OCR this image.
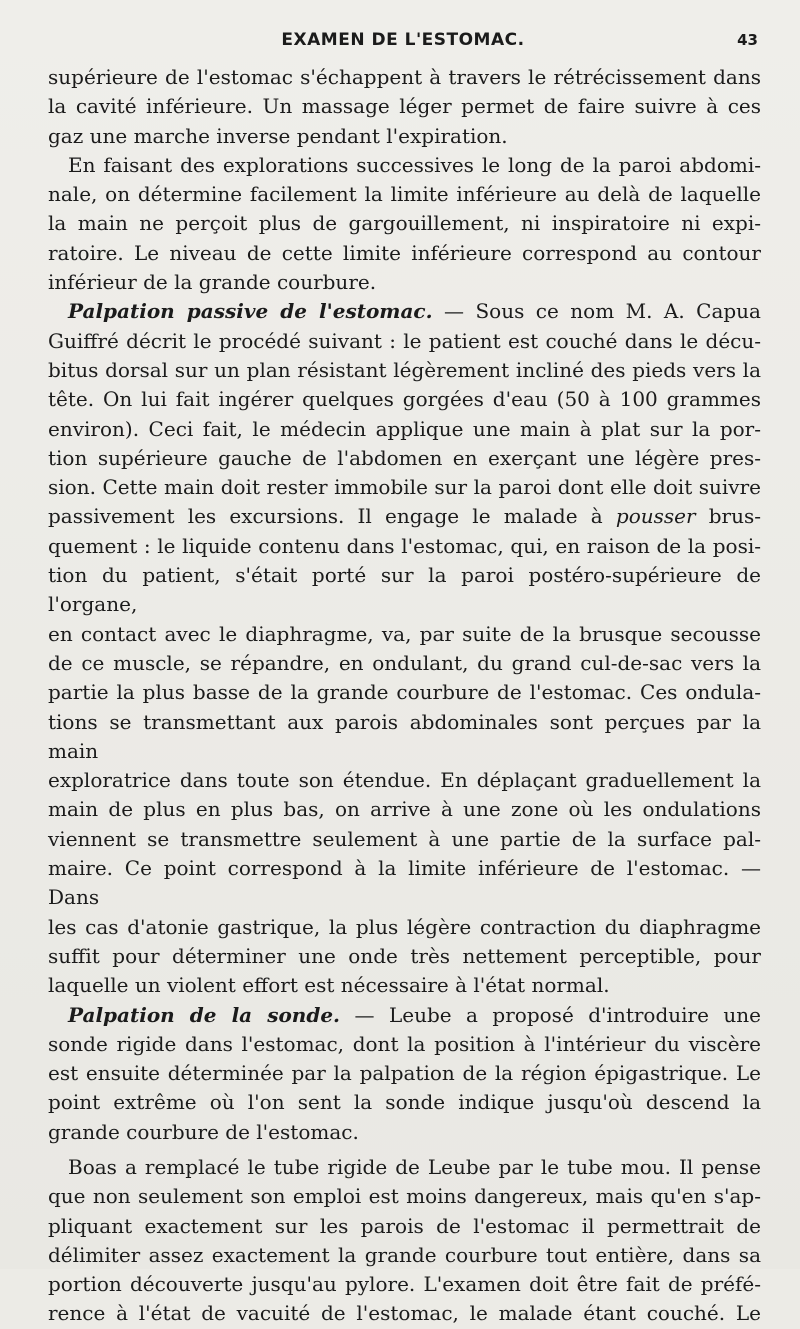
EXAMEN DE L'ESTOMAC.	43
supérieure de l'estomac s'échappent à travers le rétrécissement dans
la cavité inférieure. Un massage léger permet de faire suivre à ces
gaz une marche inverse pendant l'expiration.
En faisant des explorations successives le long de la paroi abdomi-
nale, on détermine facilement la limite inférieure au delà de laquelle
la main ne perçoit plus de gargouillement, ni inspiratoire ni expi-
ratoire. Le niveau de cette limite inférieure correspond au contour
inférieur de la grande courbure.
Palpation passive de l'estomac. — Sous ce nom M. A. Capua
Guiffré décrit le procédé suivant : le patient est couché dans le décu-
bitus dorsal sur un plan résistant légèrement incliné des pieds vers la
tête. On lui fait ingérer quelques gorgées d'eau (50 à 100 grammes
environ). Ceci fait, le médecin applique une main à plat sur la por-
tion supérieure gauche de l'abdomen en exerçant une légère pres-
sion. Cette main doit rester immobile sur la paroi dont elle doit suivre
passivement les excursions. Il engage le malade à pousser brus-
quement : le liquide contenu dans l'estomac, qui, en raison de la posi-
tion du patient, s'était porté sur la paroi postéro-supérieure de l'organe,
en contact avec le diaphragme, va, par suite de la brusque secousse
de ce muscle, se répandre, en ondulant, du grand cul-de-sac vers la
partie la plus basse de la grande courbure de l'estomac. Ces ondula-
tions se transmettant aux parois abdominales sont perçues par la main
exploratrice dans toute son étendue. En déplaçant graduellement la
main de plus en plus bas, on arrive à une zone où les ondulations
viennent se transmettre seulement à une partie de la surface pal-
maire. Ce point correspond à la limite inférieure de l'estomac. — Dans
les cas d'atonie gastrique, la plus légère contraction du diaphragme
suffit pour déterminer une onde très nettement perceptible, pour
laquelle un violent effort est nécessaire à l'état normal.
Palpation de la sonde. — Leube a proposé d'introduire une
sonde rigide dans l'estomac, dont la position à l'intérieur du viscère
est ensuite déterminée par la palpation de la région épigastrique. Le
point extrême où l'on sent la sonde indique jusqu'où descend la
grande courbure de l'estomac.
Boas a remplacé le tube rigide de Leube par le tube mou. Il pense
que non seulement son emploi est moins dangereux, mais qu'en s'ap-
pliquant exactement sur les parois de l'estomac il permettrait de
délimiter assez exactement la grande courbure tout entière, dans sa
portion découverte jusqu'au pylore. L'examen doit être fait de préfé-
rence à l'état de vacuité de l'estomac, le malade étant couché. Le
